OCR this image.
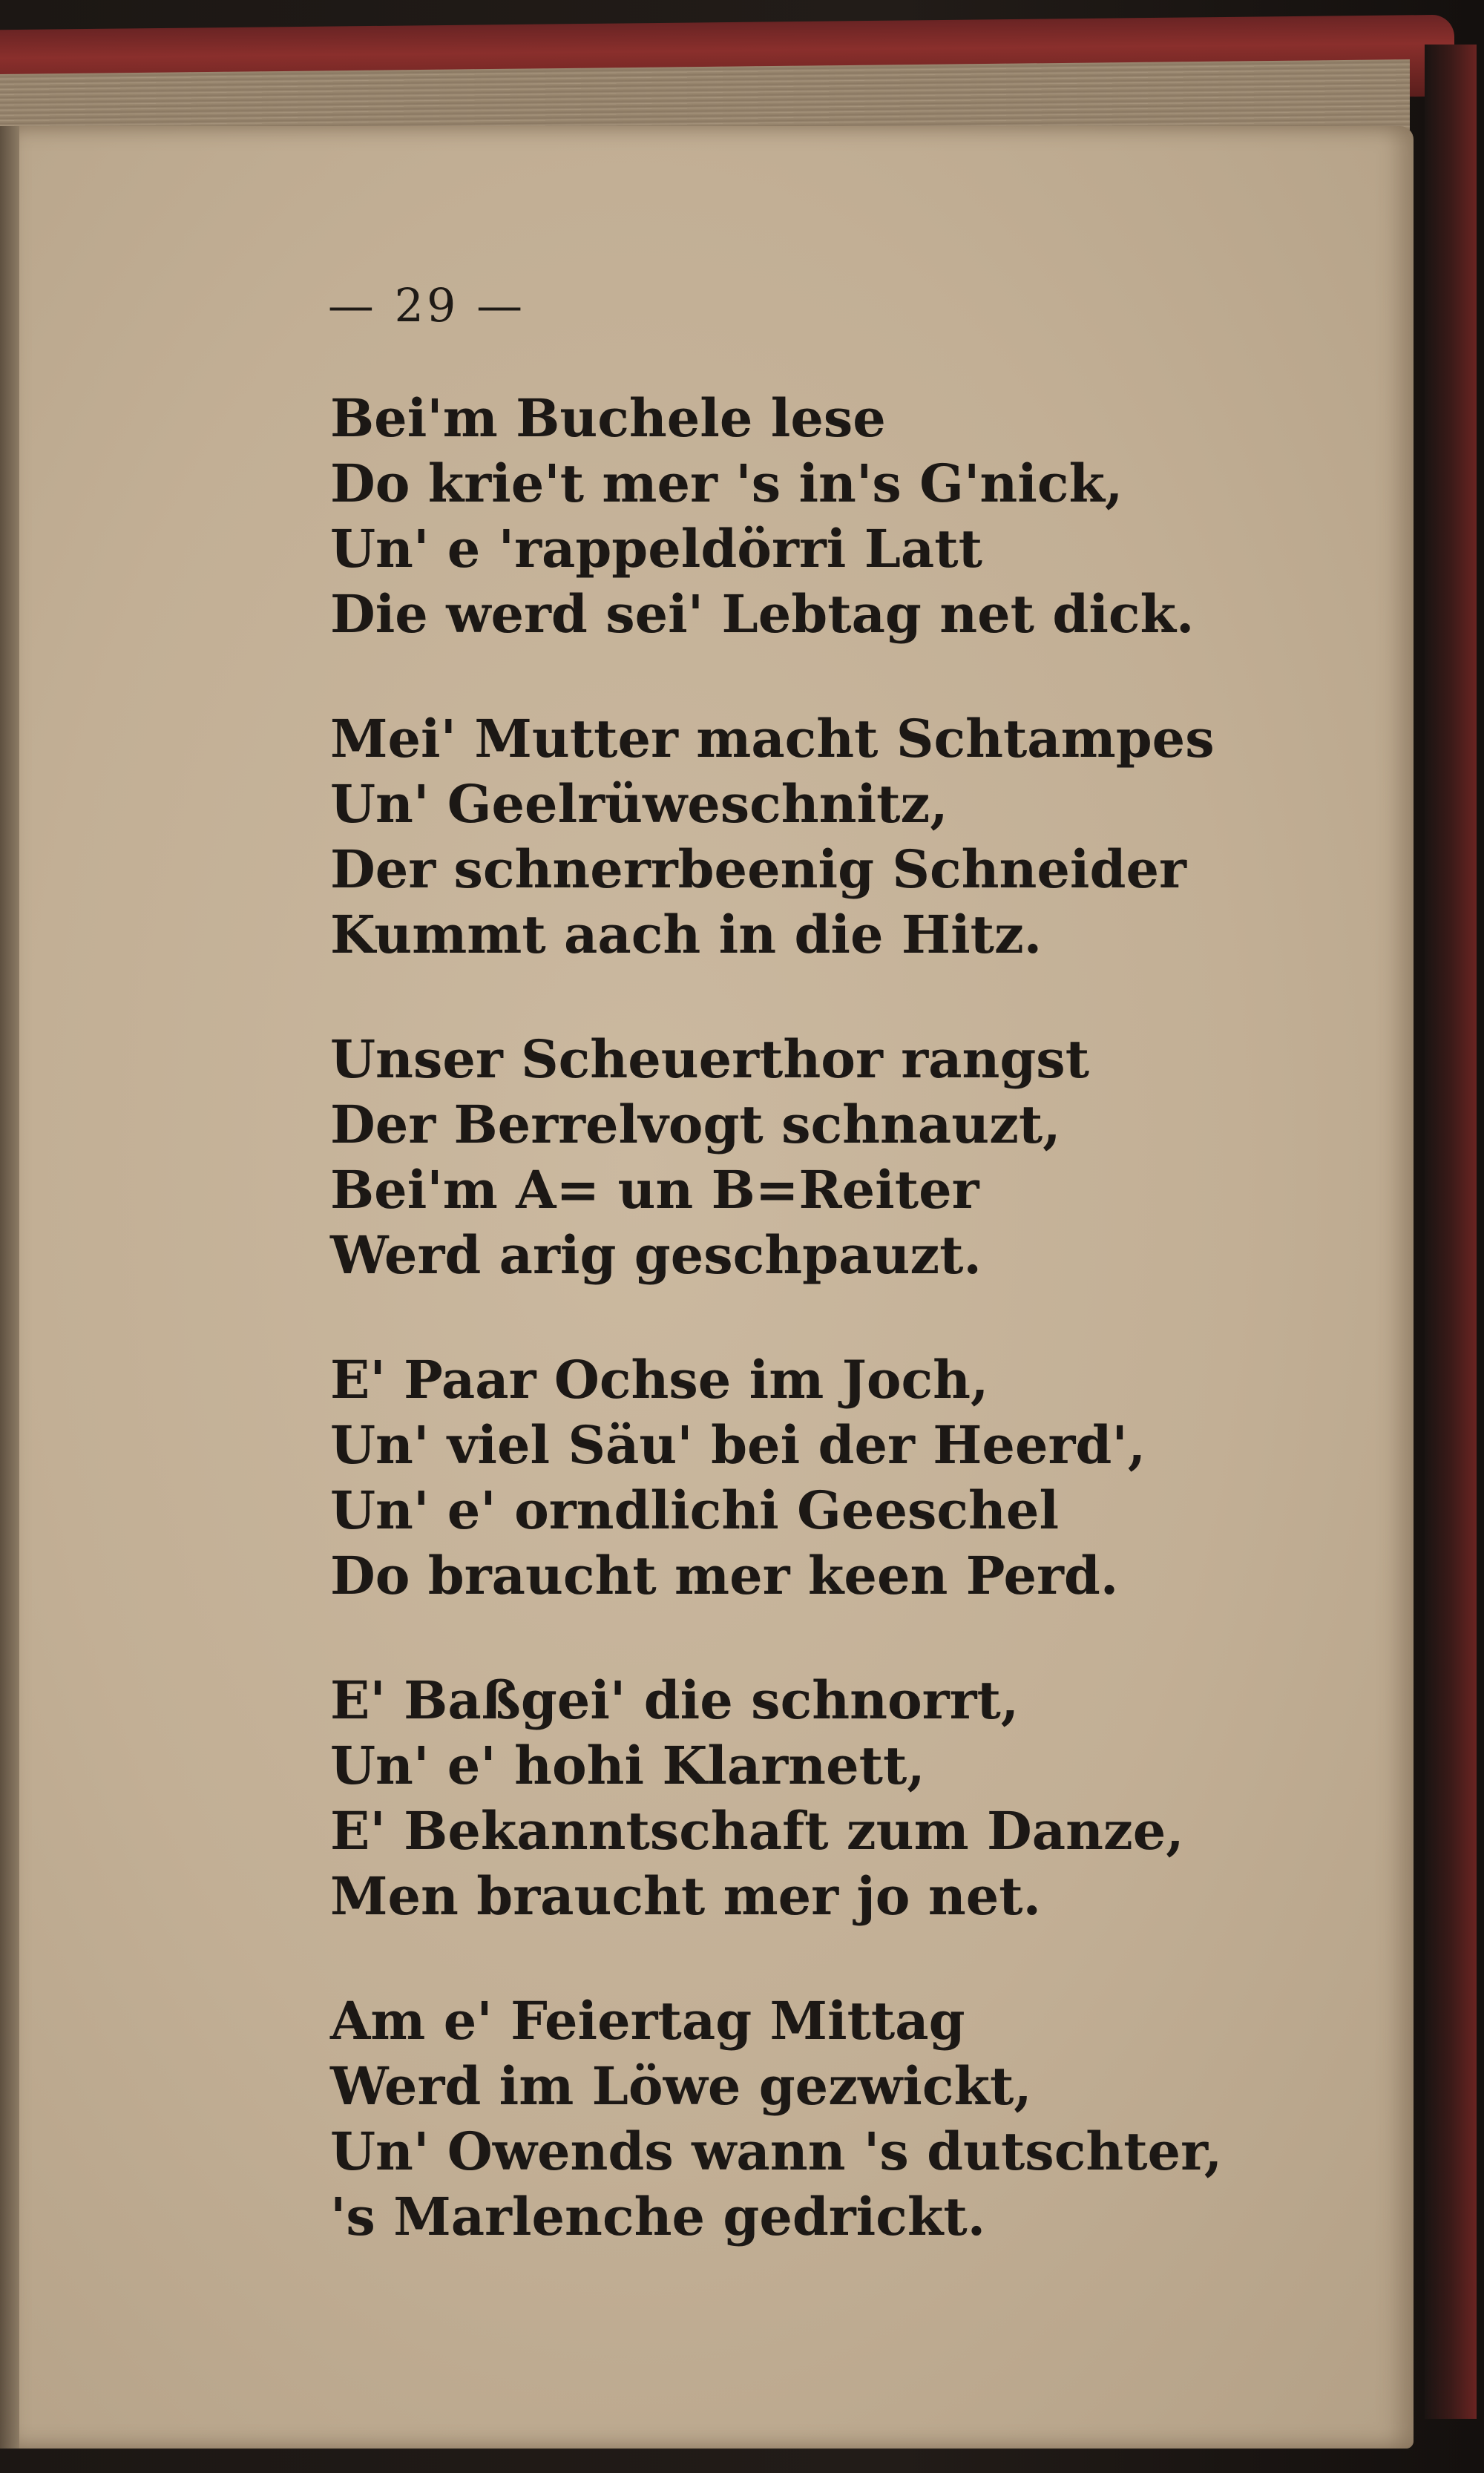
— 29 —
Bei'm Buchele lese
Do krie't mer 's in's G'nick,
Un' e 'rappeldörri Latt
Die werd sei' Lebtag net dick.
Mei' Mutter macht Schtampes
Un' Geelrüweschnitz,
Der schnerrbeenig Schneider
Kummt aach in die Hitz.
Unser Scheuerthor rangst
Der Berrelvogt schnauzt,
Bei'm A= un B=Reiter
Werd arig geschpauzt.
E' Paar Ochse im Joch,
Un' viel Säu' bei der Heerd',
Un' e' orndlichi Geeschel
Do braucht mer keen Perd.
E' Baßgei' die schnorrt,
Un' e' hohi Klarnett,
E' Bekanntschaft zum Danze,
Men braucht mer jo net.
Am e' Feiertag Mittag
Werd im Löwe gezwickt,
Un' Owends wann 's dutschter,
's Marlenche gedrickt.
